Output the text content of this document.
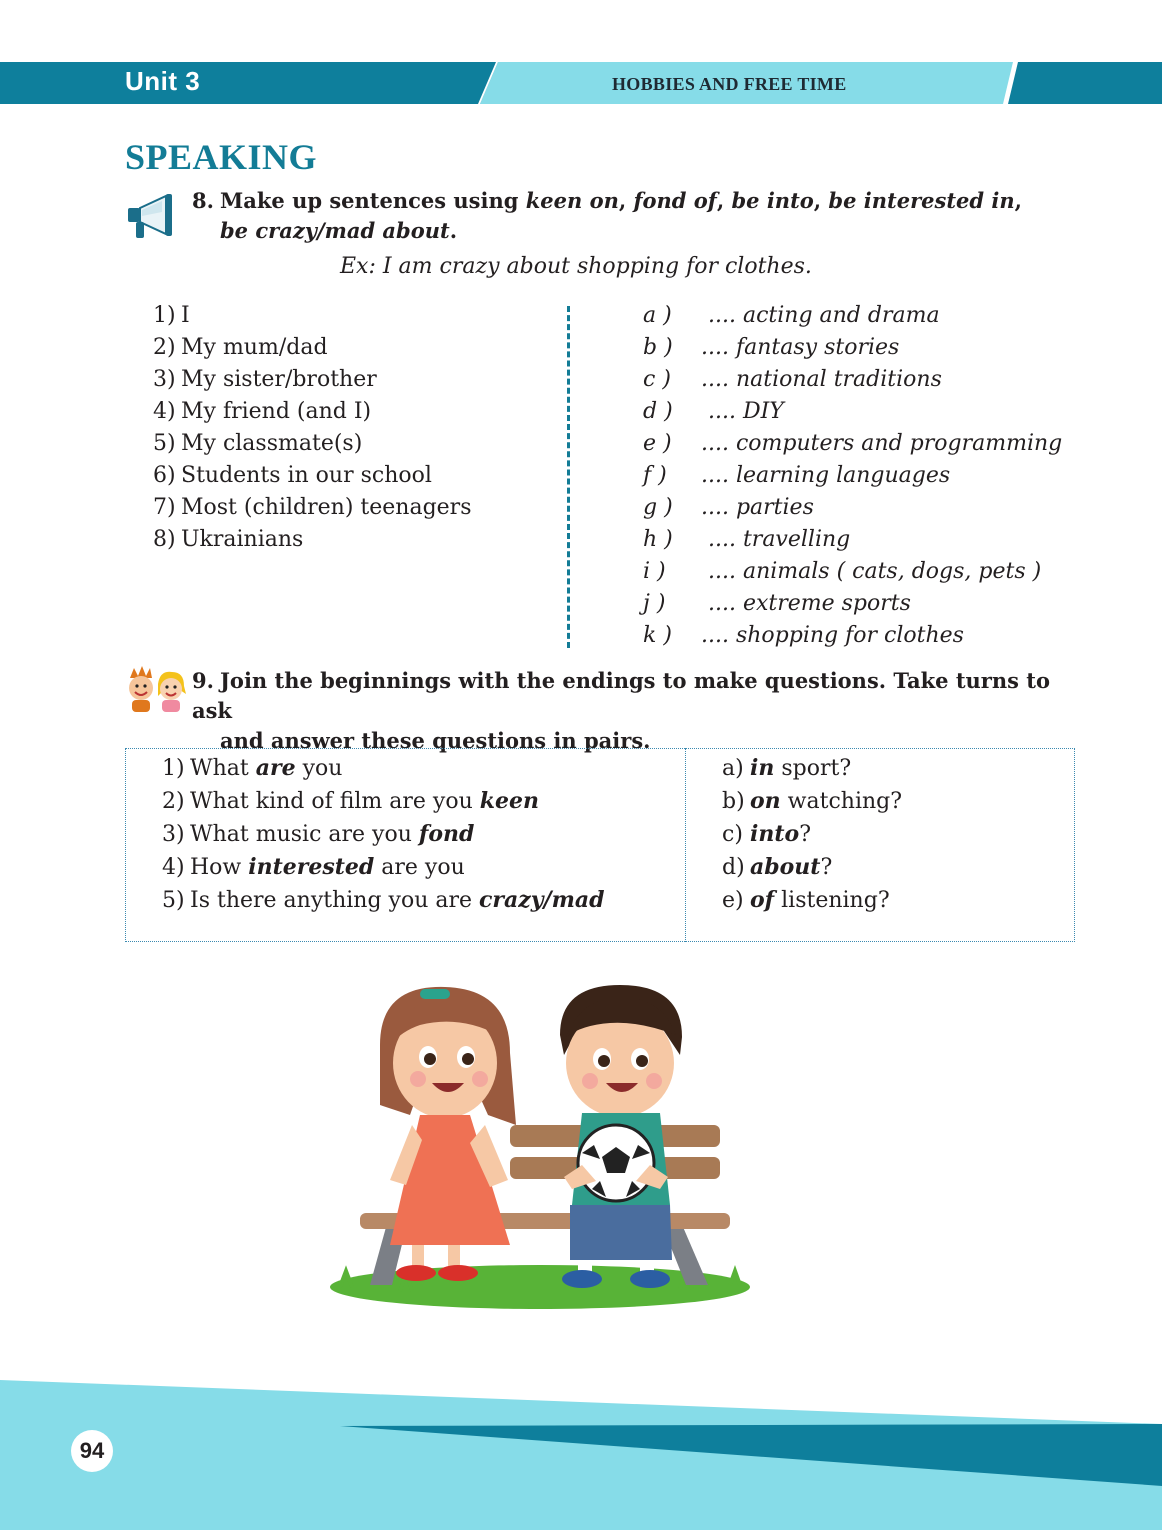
Unit 3	HOBBIES AND FREE TIME
SPEAKING
8. Make up sentences using keen on, fond of, be into, be interested in,
be crazy/mad about.
Ex: I am crazy about shopping for clothes.
1) I
2) My mum/dad
3) My sister/brother
4) My friend (and I)
5) My classmate(s)
6) Students in our school
7) Most (children) teenagers
8) Ukrainians
a ) .... acting and drama
b ) .... fantasy stories
c ) .... national traditions
d ) .... DIY
e ) .... computers and programming
f ) .... learning languages
g ) .... parties
h ) .... travelling
i ) .... animals ( cats, dogs, pets )
j ) .... extreme sports
k ) .... shopping for clothes
9. Join the beginnings with the endings to make questions. Take turns to ask
and answer these questions in pairs.
1) What are you
2) What kind of film are you keen
3) What music are you fond
4) How interested are you
5) Is there anything you are crazy/mad
a) in sport?
b) on watching?
c) into?
d) about?
e) of listening?
94
